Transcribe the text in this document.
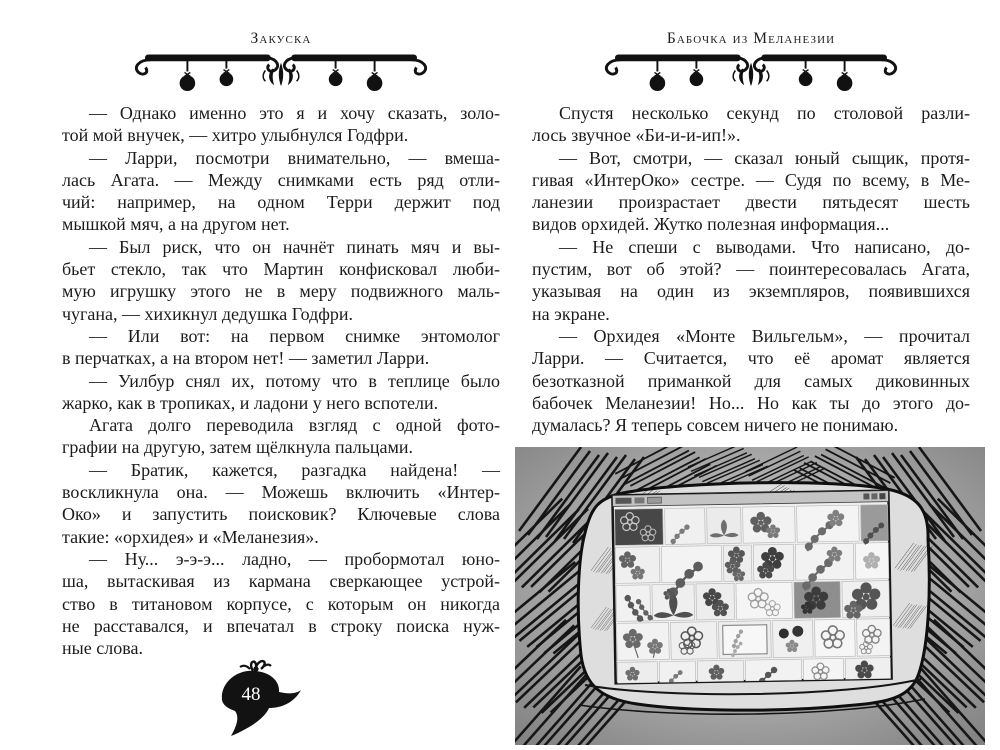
Закуска
— Однако именно это я и хочу сказать, золо-
той мой внучек, — хитро улыбнулся Годфри.
— Ларри, посмотри внимательно, — вмеша-
лась Агата. — Между снимками есть ряд отли-
чий: например, на одном Терри держит под
мышкой мяч, а на другом нет.
— Был риск, что он начнёт пинать мяч и вы-
бьет стекло, так что Мартин конфисковал люби-
мую игрушку этого не в меру подвижного маль-
чугана, — хихикнул дедушка Годфри.
— Или вот: на первом снимке энтомолог
в перчатках, а на втором нет! — заметил Ларри.
— Уилбур снял их, потому что в теплице было
жарко, как в тропиках, и ладони у него вспотели.
Агата долго переводила взгляд с одной фото-
графии на другую, затем щёлкнула пальцами.
— Братик, кажется, разгадка найдена! —
воскликнула она. — Можешь включить «Интер-
Око» и запустить поисковик? Ключевые слова
такие: «орхидея» и «Меланезия».
— Ну... э-э-э... ладно, — пробормотал юно-
ша, вытаскивая из кармана сверкающее устрой-
ство в титановом корпусе, с которым он никогда
не расставался, и впечатал в строку поиска нуж-
ные слова.
Бабочка из Меланезии
Спустя несколько секунд по столовой разли-
лось звучное «Би-и-и-ип!».
— Вот, смотри, — сказал юный сыщик, протя-
гивая «ИнтерОко» сестре. — Судя по всему, в Ме-
ланезии произрастает двести пятьдесят шесть
видов орхидей. Жутко полезная информация...
— Не спеши с выводами. Что написано, до-
пустим, вот об этой? — поинтересовалась Агата,
указывая на один из экземпляров, появившихся
на экране.
— Орхидея «Монте Вильгельм», — прочитал
Ларри. — Считается, что её аромат является
безотказной приманкой для самых диковинных
бабочек Меланезии! Но... Но как ты до этого до-
думалась? Я теперь совсем ничего не понимаю.
48
